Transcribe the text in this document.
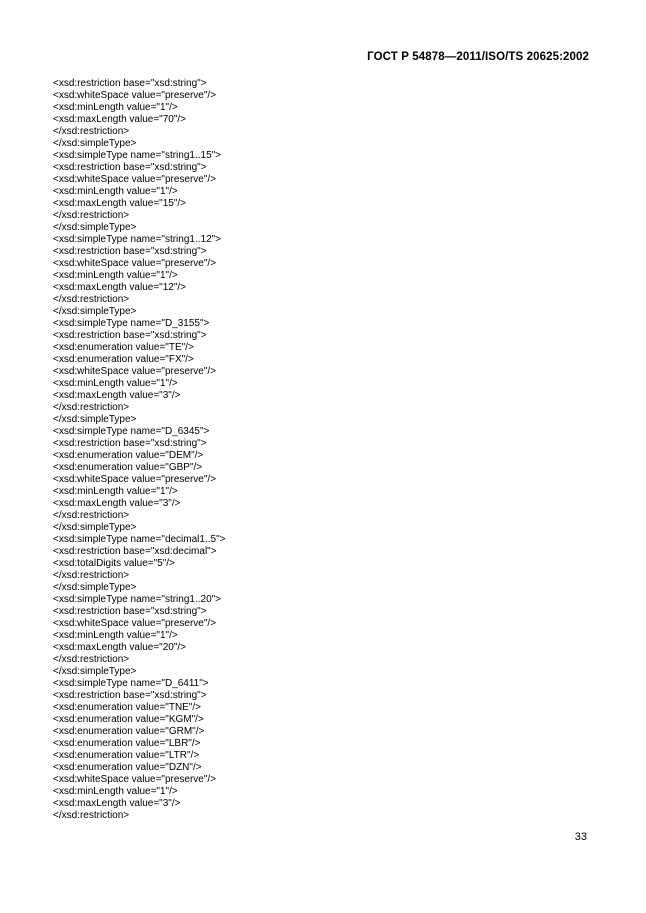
ГОСТ Р 54878—2011/ISO/TS 20625:2002
<xsd:restriction base="xsd:string">
<xsd:whiteSpace value="preserve"/>
<xsd:minLength value="1"/>
<xsd:maxLength value="70"/>
</xsd:restriction>
</xsd:simpleType>
<xsd:simpleType name="string1..15">
<xsd:restriction base="xsd:string">
<xsd:whiteSpace value="preserve"/>
<xsd:minLength value="1"/>
<xsd:maxLength value="15"/>
</xsd:restriction>
</xsd:simpleType>
<xsd:simpleType name="string1..12">
<xsd:restriction base="xsd:string">
<xsd:whiteSpace value="preserve"/>
<xsd:minLength value="1"/>
<xsd:maxLength value="12"/>
</xsd:restriction>
</xsd:simpleType>
<xsd:simpleType name="D_3155">
<xsd:restriction base="xsd:string">
<xsd:enumeration value="TE"/>
<xsd:enumeration value="FX"/>
<xsd:whiteSpace value="preserve"/>
<xsd:minLength value="1"/>
<xsd:maxLength value="3"/>
</xsd:restriction>
</xsd:simpleType>
<xsd:simpleType name="D_6345">
<xsd:restriction base="xsd:string">
<xsd:enumeration value="DEM"/>
<xsd:enumeration value="GBP"/>
<xsd:whiteSpace value="preserve"/>
<xsd:minLength value="1"/>
<xsd:maxLength value="3"/>
</xsd:restriction>
</xsd:simpleType>
<xsd:simpleType name="decimal1..5">
<xsd:restriction base="xsd:decimal">
<xsd:totalDigits value="5"/>
</xsd:restriction>
</xsd:simpleType>
<xsd:simpleType name="string1..20">
<xsd:restriction base="xsd:string">
<xsd:whiteSpace value="preserve"/>
<xsd:minLength value="1"/>
<xsd:maxLength value="20"/>
</xsd:restriction>
</xsd:simpleType>
<xsd:simpleType name="D_6411">
<xsd:restriction base="xsd:string">
<xsd:enumeration value="TNE"/>
<xsd:enumeration value="KGM"/>
<xsd:enumeration value="GRM"/>
<xsd:enumeration value="LBR"/>
<xsd:enumeration value="LTR"/>
<xsd:enumeration value="DZN"/>
<xsd:whiteSpace value="preserve"/>
<xsd:minLength value="1"/>
<xsd:maxLength value="3"/>
</xsd:restriction>
33
